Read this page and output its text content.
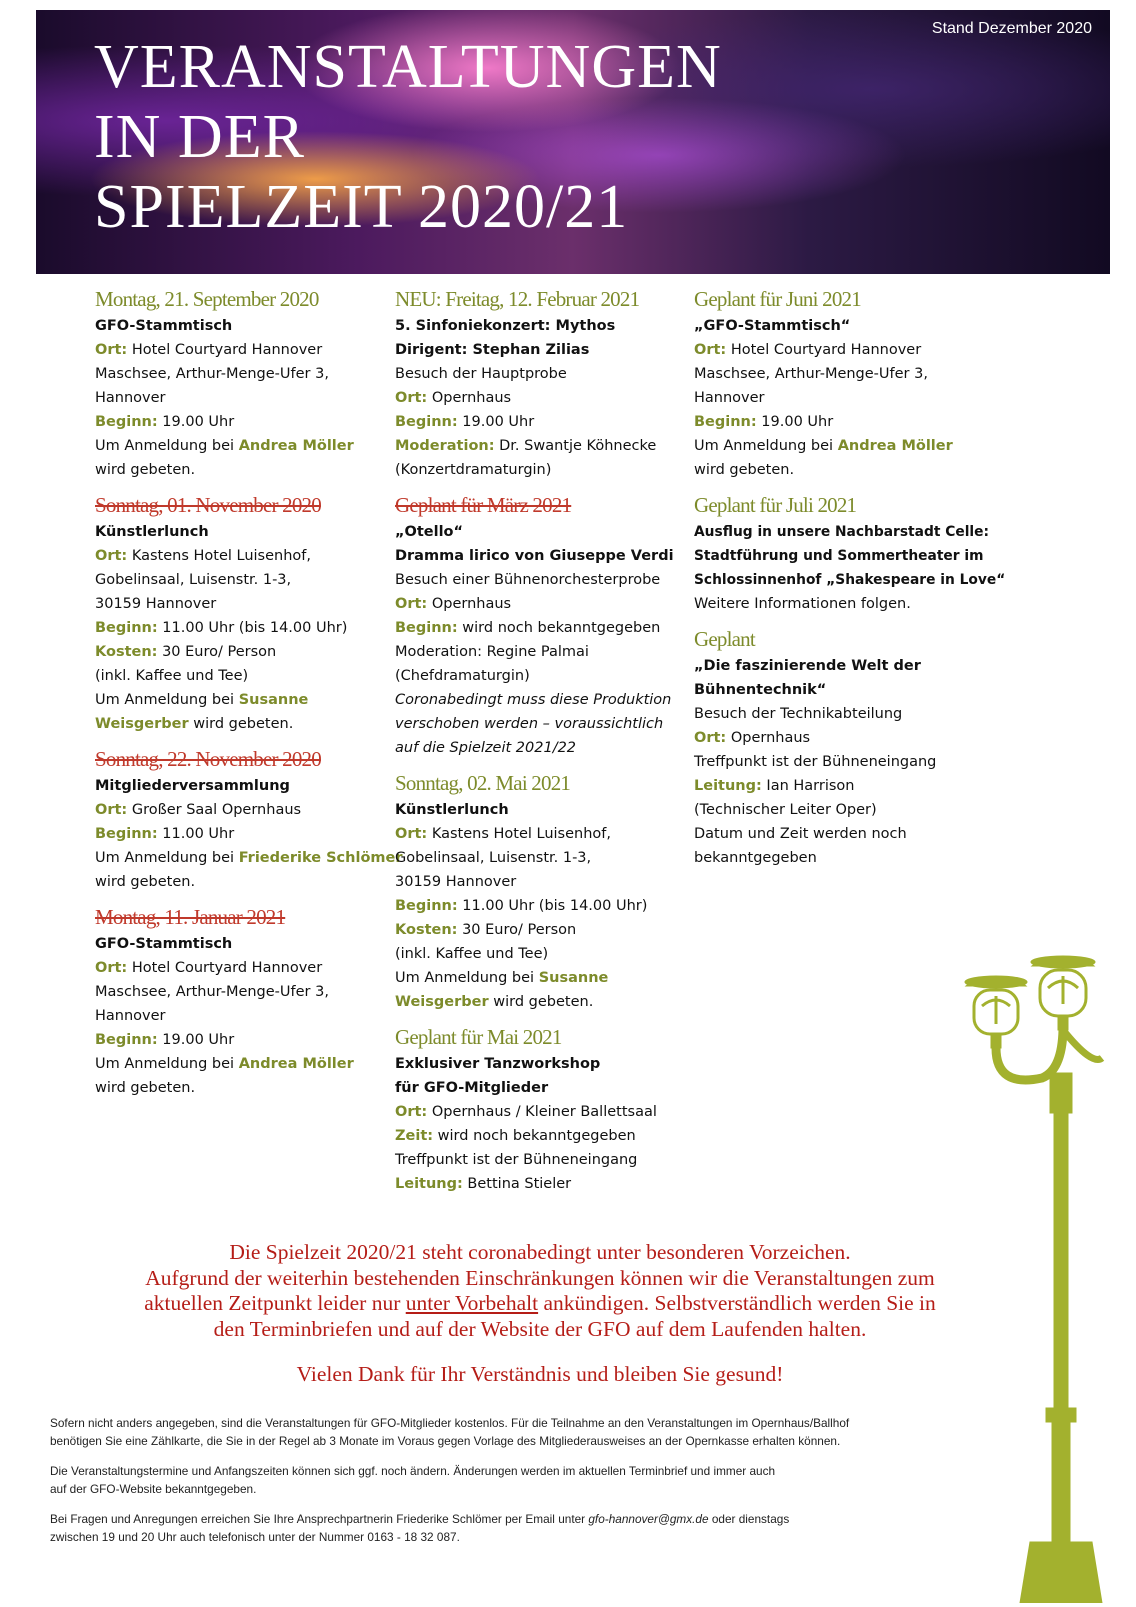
VERANSTALTUNGEN
IN DER
SPIELZEIT 2020/21
Stand Dezember 2020
Montag, 21. September 2020
GFO-Stammtisch
Ort: Hotel Courtyard Hannover
Maschsee, Arthur-Menge-Ufer 3,
Hannover
Beginn: 19.00 Uhr
Um Anmeldung bei Andrea Möller
wird gebeten.
Sonntag, 01. November 2020
Künstlerlunch
Ort: Kastens Hotel Luisenhof,
Gobelinsaal, Luisenstr. 1-3,
30159 Hannover
Beginn: 11.00 Uhr (bis 14.00 Uhr)
Kosten: 30 Euro/ Person
(inkl. Kaffee und Tee)
Um Anmeldung bei Susanne
Weisgerber wird gebeten.
Sonntag, 22. November 2020
Mitgliederversammlung
Ort: Großer Saal Opernhaus
Beginn: 11.00 Uhr
Um Anmeldung bei Friederike Schlömer
wird gebeten.
Montag, 11. Januar 2021
GFO-Stammtisch
Ort: Hotel Courtyard Hannover
Maschsee, Arthur-Menge-Ufer 3,
Hannover
Beginn: 19.00 Uhr
Um Anmeldung bei Andrea Möller
wird gebeten.
NEU: Freitag, 12. Februar 2021
5. Sinfoniekonzert: Mythos
Dirigent: Stephan Zilias
Besuch der Hauptprobe
Ort: Opernhaus
Beginn: 19.00 Uhr
Moderation: Dr. Swantje Köhnecke
(Konzertdramaturgin)
Geplant für März 2021
„Otello“
Dramma lirico von Giuseppe Verdi
Besuch einer Bühnenorchesterprobe
Ort: Opernhaus
Beginn: wird noch bekanntgegeben
Moderation: Regine Palmai
(Chefdramaturgin)
Coronabedingt muss diese Produktion
verschoben werden – voraussichtlich
auf die Spielzeit 2021/22
Sonntag, 02. Mai 2021
Künstlerlunch
Ort: Kastens Hotel Luisenhof,
Gobelinsaal, Luisenstr. 1-3,
30159 Hannover
Beginn: 11.00 Uhr (bis 14.00 Uhr)
Kosten: 30 Euro/ Person
(inkl. Kaffee und Tee)
Um Anmeldung bei Susanne
Weisgerber wird gebeten.
Geplant für Mai 2021
Exklusiver Tanzworkshop
für GFO-Mitglieder
Ort: Opernhaus / Kleiner Ballettsaal
Zeit: wird noch bekanntgegeben
Treffpunkt ist der Bühneneingang
Leitung: Bettina Stieler
Geplant für Juni 2021
„GFO-Stammtisch“
Ort: Hotel Courtyard Hannover
Maschsee, Arthur-Menge-Ufer 3,
Hannover
Beginn: 19.00 Uhr
Um Anmeldung bei Andrea Möller
wird gebeten.
Geplant für Juli 2021
Ausflug in unsere Nachbarstadt Celle:
Stadtführung und Sommertheater im
Schlossinnenhof „Shakespeare in Love“
Weitere Informationen folgen.
Geplant
„Die faszinierende Welt der
Bühnentechnik“
Besuch der Technikabteilung
Ort: Opernhaus
Treffpunkt ist der Bühneneingang
Leitung: Ian Harrison
(Technischer Leiter Oper)
Datum und Zeit werden noch
bekanntgegeben

Die Spielzeit 2020/21 steht coronabedingt unter besonderen Vorzeichen.

Aufgrund der weiterhin bestehenden Einschränkungen können wir die Veranstaltungen zum

aktuellen Zeitpunkt leider nur unter Vorbehalt ankündigen. Selbstverständlich werden Sie in

den Terminbriefen und auf der Website der GFO auf dem Laufenden halten.

Vielen Dank für Ihr Verständnis und bleiben Sie gesund!

Sofern nicht anders angegeben, sind die Veranstaltungen für GFO-Mitglieder kostenlos. Für die Teilnahme an den Veranstaltungen im Opernhaus/Ballhof

benötigen Sie eine Zählkarte, die Sie in der Regel ab 3 Monate im Voraus gegen Vorlage des Mitgliederausweises an der Opernkasse erhalten können.

Die Veranstaltungstermine und Anfangszeiten können sich ggf. noch ändern. Änderungen werden im aktuellen Terminbrief und immer auch

auf der GFO-Website bekanntgegeben.

Bei Fragen und Anregungen erreichen Sie Ihre Ansprechpartnerin Friederike Schlömer per Email unter gfo-hannover@gmx.de oder dienstags

zwischen 19 und 20 Uhr auch telefonisch unter der Nummer 0163 - 18 32 087.
